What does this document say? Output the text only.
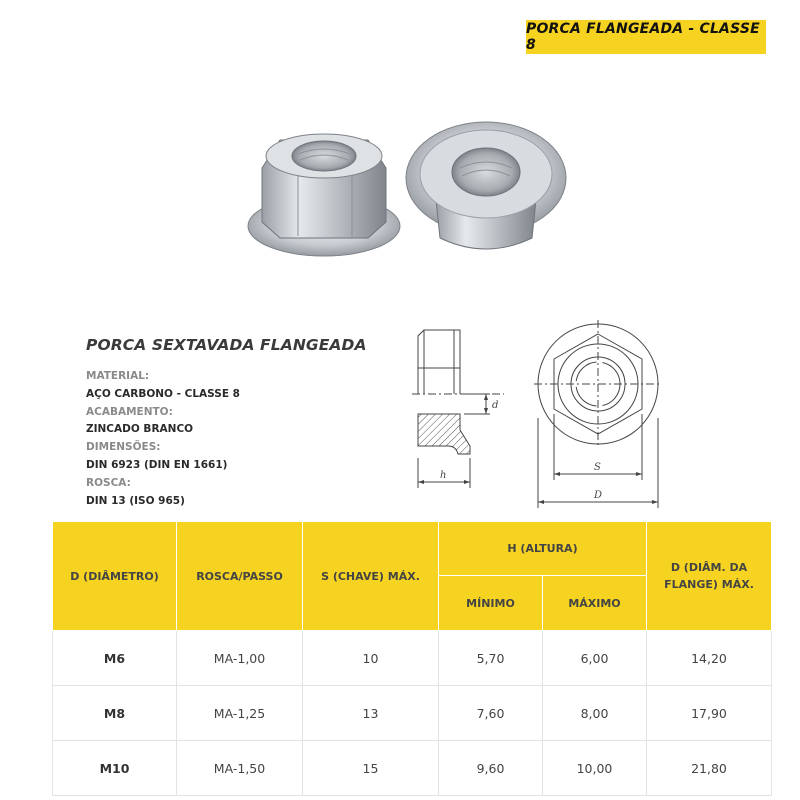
PORCA FLANGEADA - CLASSE 8
PORCA SEXTAVADA FLANGEADA
MATERIAL:
AÇO CARBONO - CLASSE 8
ACABAMENTO:
ZINCADO BRANCO
DIMENSÕES:
DIN 6923 (DIN EN 1661)
ROSCA:
DIN 13 (ISO 965)
d
h
S
D
D (DIÂMETRO)	ROSCA/PASSO	S (CHAVE) MÁX.	H (ALTURA)		D (DIÂM. DA FLANGE) MÁX.
			MÍNIMO	MÁXIMO	
M6	MA-1,00	10	5,70	6,00	14,20
M8	MA-1,25	13	7,60	8,00	17,90
M10	MA-1,50	15	9,60	10,00	21,80
